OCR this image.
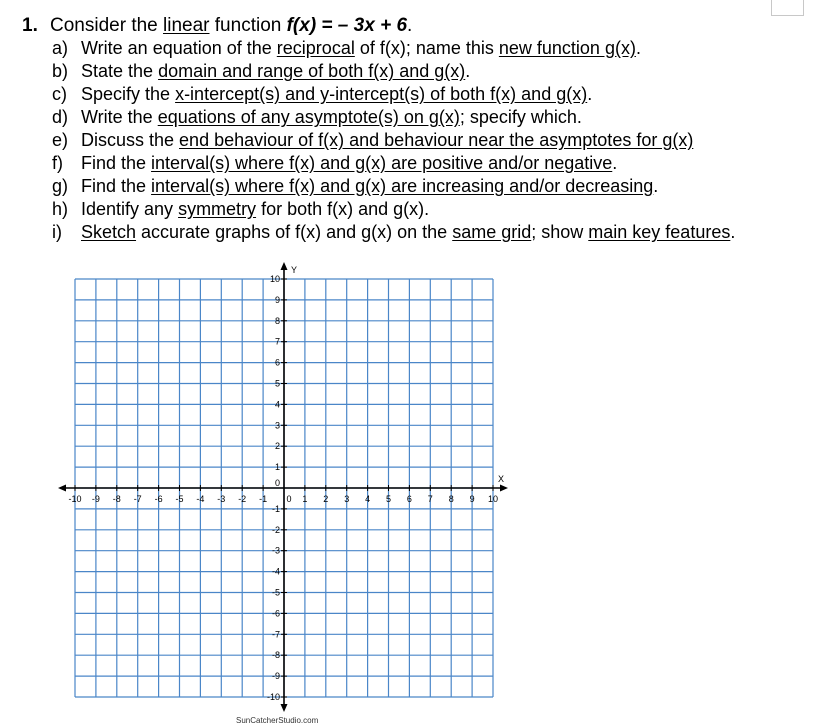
1. Consider the linear function f(x) = – 3x + 6.
a) Write an equation of the reciprocal of f(x); name this new function g(x).
b) State the domain and range of both f(x) and g(x).
c) Specify the x-intercept(s) and y-intercept(s) of both f(x) and g(x).
d) Write the equations of any asymptote(s) on g(x); specify which.
e) Discuss the end behaviour of f(x) and behaviour near the asymptotes for g(x)
f) Find the interval(s) where f(x) and g(x) are positive and/or negative.
g) Find the interval(s) where f(x) and g(x) are increasing and/or decreasing.
h) Identify any symmetry for both f(x) and g(x).
i) Sketch accurate graphs of f(x) and g(x) on the same grid; show main key features.
-10 -9 -8 -7 -6 -5 -4 -3 -2 -1	1 2 3 4 5 6 7 8 9 10
-10
-9
-8
-7
-6
-5
-4
-3
-2
-1
0
1
2
3
4
5
6
7
8
9
10
0
X
Y
SunCatcherStudio.com
